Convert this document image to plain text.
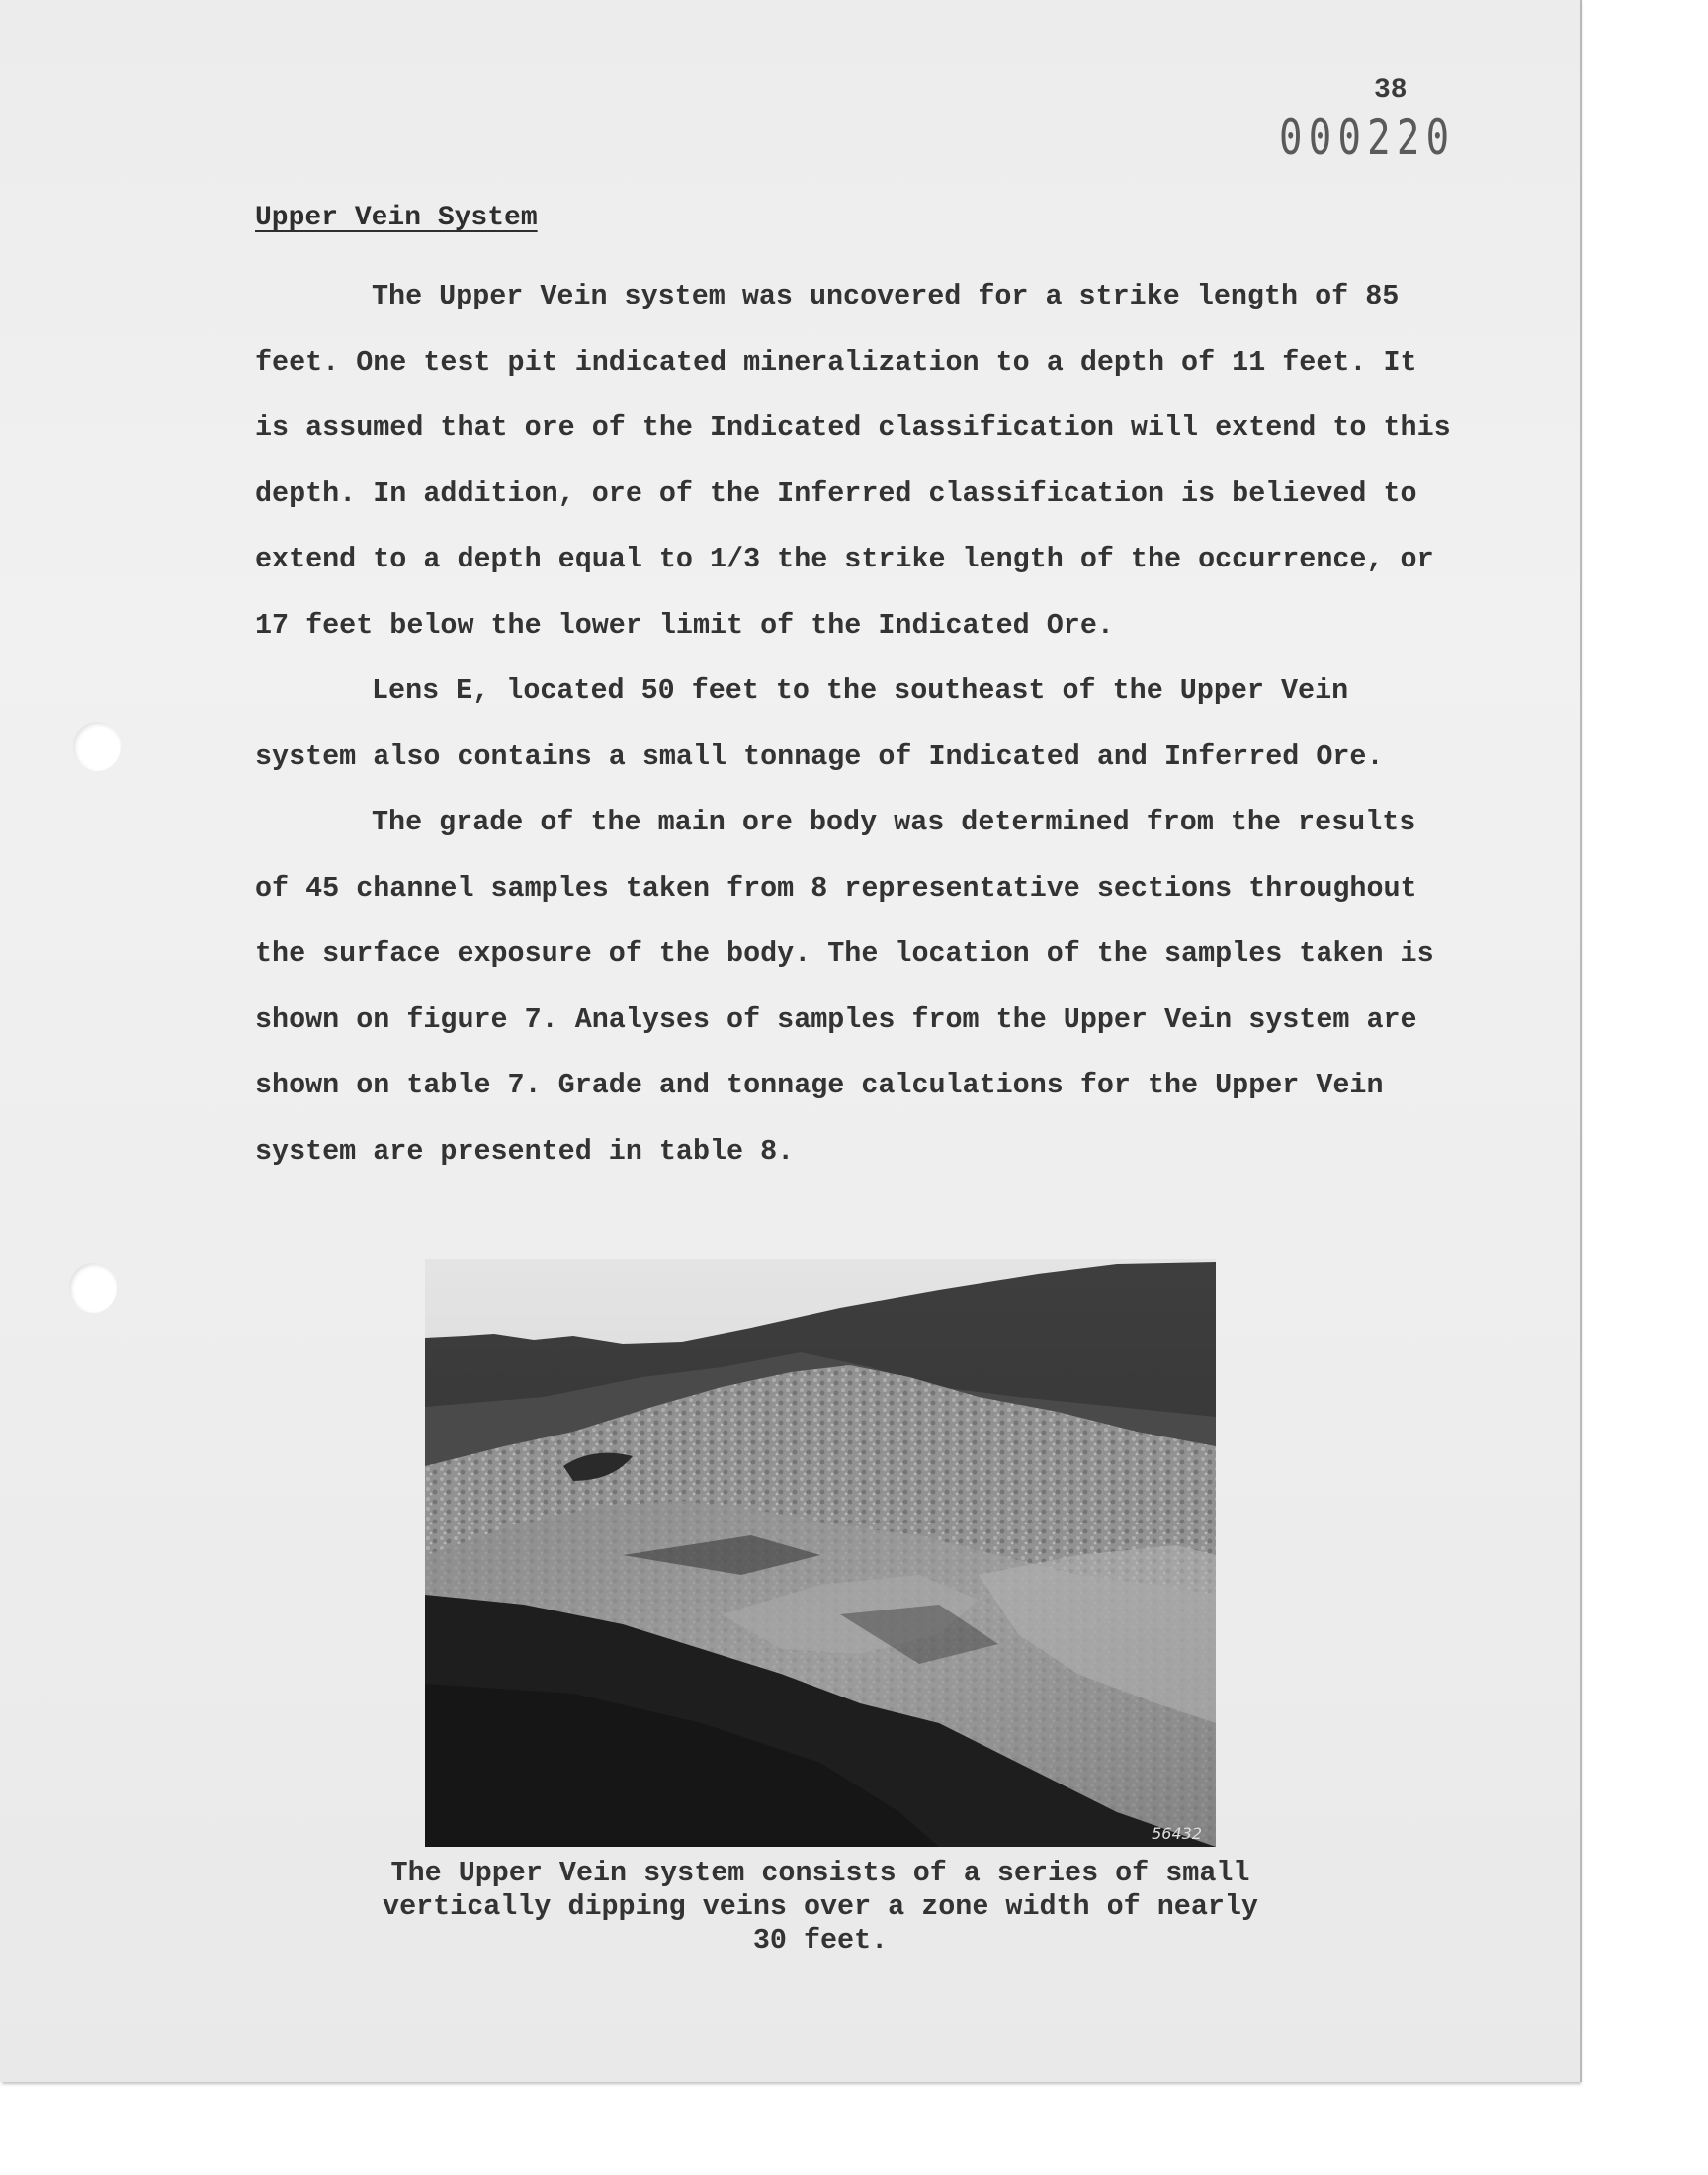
38
000220
Upper Vein System

The Upper Vein system was uncovered for a strike length of 85 feet. One test pit indicated mineralization to a depth of 11 feet. It is assumed that ore of the Indicated classification will extend to this depth. In addition, ore of the Inferred classification is believed to extend to a depth equal to 1/3 the strike length of the occurrence, or 17 feet below the lower limit of the Indicated Ore.

Lens E, located 50 feet to the southeast of the Upper Vein system also contains a small tonnage of Indicated and Inferred Ore.

The grade of the main ore body was determined from the results of 45 channel samples taken from 8 representative sections throughout the surface exposure of the body. The location of the samples taken is shown on figure 7. Analyses of samples from the Upper Vein system are shown on table 7. Grade and tonnage calculations for the Upper Vein system are presented in table 8.

56432

The Upper Vein system consists of a series of small vertically dipping veins over a zone width of nearly 30 feet.
